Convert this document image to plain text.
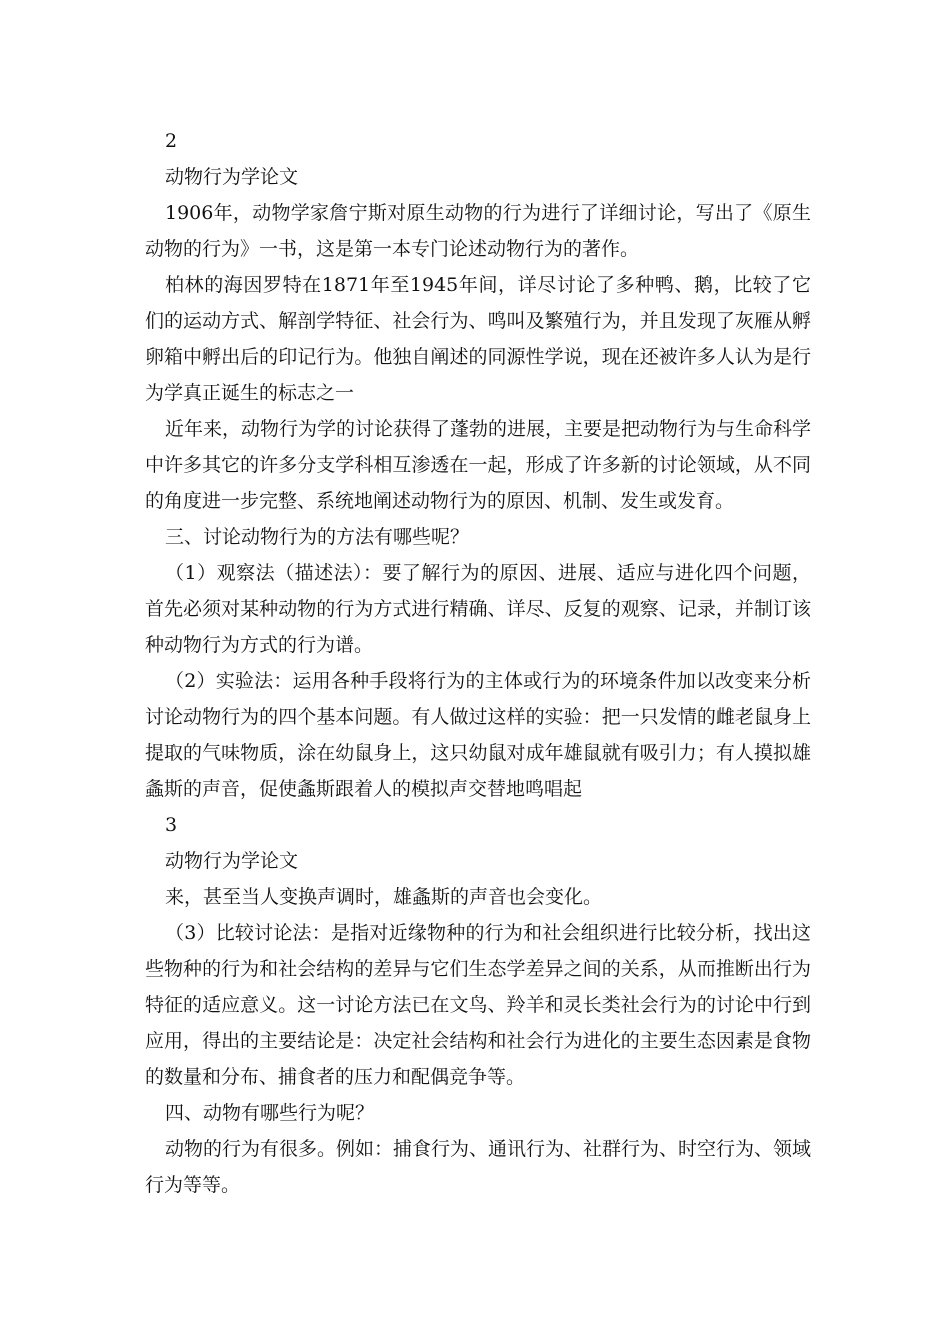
2
动物行为学论文

1906年，动物学家詹宁斯对原生动物的行为进行了详细讨论，写出了《原生动物的行为》一书，这是第一本专门论述动物行为的著作。

柏林的海因罗特在1871年至1945年间，详尽讨论了多种鸭、鹅，比较了它们的运动方式、解剖学特征、社会行为、鸣叫及繁殖行为，并且发现了灰雁从孵卵箱中孵出后的印记行为。他独自阐述的同源性学说，现在还被许多人认为是行为学真正诞生的标志之一

近年来，动物行为学的讨论获得了蓬勃的进展，主要是把动物行为与生命科学中许多其它的许多分支学科相互渗透在一起，形成了许多新的讨论领域，从不同的角度进一步完整、系统地阐述动物行为的原因、机制、发生或发育。

三、讨论动物行为的方法有哪些呢？

（1）观察法（描述法）：要了解行为的原因、进展、适应与进化四个问题，首先必须对某种动物的行为方式进行精确、详尽、反复的观察、记录，并制订该种动物行为方式的行为谱。

（2）实验法：运用各种手段将行为的主体或行为的环境条件加以改变来分析讨论动物行为的四个基本问题。有人做过这样的实验：把一只发情的雌老鼠身上提取的气味物质，涂在幼鼠身上，这只幼鼠对成年雄鼠就有吸引力；有人摸拟雄螽斯的声音，促使螽斯跟着人的模拟声交替地鸣唱起

3
动物行为学论文

来，甚至当人变换声调时，雄螽斯的声音也会变化。

（3）比较讨论法：是指对近缘物种的行为和社会组织进行比较分析，找出这些物种的行为和社会结构的差异与它们生态学差异之间的关系，从而推断出行为特征的适应意义。这一讨论方法已在文鸟、羚羊和灵长类社会行为的讨论中行到应用，得出的主要结论是：决定社会结构和社会行为进化的主要生态因素是食物的数量和分布、捕食者的压力和配偶竞争等。

四、动物有哪些行为呢？

动物的行为有很多。例如：捕食行为、通讯行为、社群行为、时空行为、领域行为等等。
